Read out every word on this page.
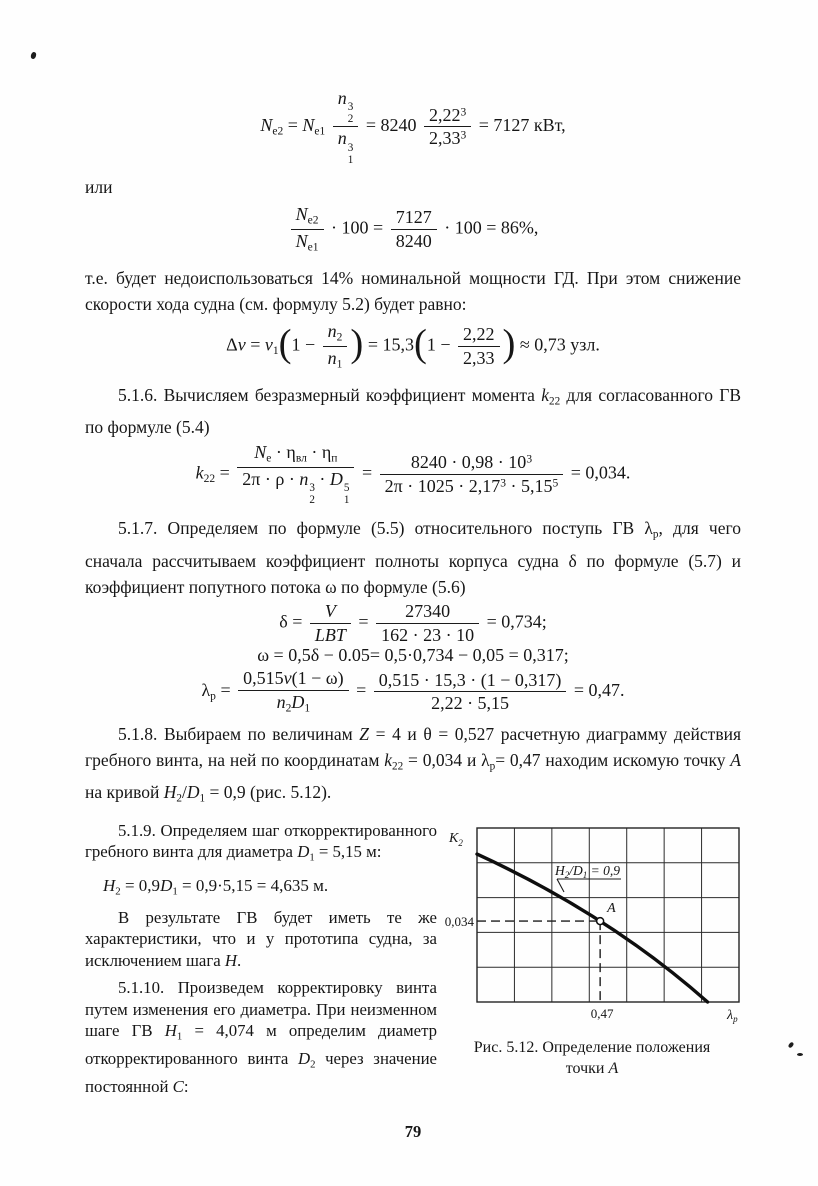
$N_{e2} = N_{e1}$ n 3
2
n 3
$1 = 8240 \frac{2,22^3}{2,33^3} = 7127$ кВт,

или

$\frac{N_{e2}}{N_{e1}} \cdot 100 = \frac{7127}{8240} \cdot 100 = 86\%$,

т.е. будет недоиспользоваться 14% номинальной мощности ГД. При этом снижение скорости хода судна (см. формулу 5.2) будет равно:

$\Delta v = v_1(1 - \frac{n_2}{n_1}$ ) = $15,3(1 - \frac{2,22}{2,33}$ ) ≈ 0,73 узл.

5.1.6. Вычисляем безразмерный коэффициент момента $k_{22}$ для согласованного ГВ по формуле (5.4)

$k_{22} = N_e \cdot \eta_{вл} \cdot \eta_п$
2π · ρ · n 3
2
· D 5
$1 = \frac{8240 \cdot 0,98 \cdot 10^3}{2\pi \cdot 1025 \cdot 2,17^3 \cdot 5,15^5} = 0,034$.

5.1.7. Определяем по формуле (5.5) относительного поступь ГВ $\lambda_р$, для чего сначала рассчитываем коэффициент полноты корпуса судна δ по формуле (5.7) и коэффициент попутного потока ω по формуле (5.6)

$\delta = \frac{V}{\text{LBT}} = \frac{27340}{162 \cdot 23 \cdot 10} = 0,734$;
ω = 0,5δ − 0.05= 0,5·0,734 − 0,05 = 0,317;
$\lambda_р = \frac{0,515v(1 - \omega)}{n_2D_1} = \frac{0,515 \cdot 15,3 \cdot (1 - 0,317)}{2,22 \cdot 5,15} = 0,47$.

5.1.8. Выбираем по величинам Z = 4 и θ = 0,527 расчетную диаграмму действия гребного винта, на ней по координатам $k_{22} = 0,034$ и $\lambda_р= 0,47$ находим искомую точку А на кривой $H_2/D_1 = 0,9$ (рис. 5.12).

5.1.9. Определяем шаг откорректированного гребного винта для диаметра $D_1 = 5,15$ м:

$H_2 = 0,9D_1 = 0,9\cdot 5,15 = 4,635$ м.

В результате ГВ будет иметь те же характеристики, что и у прототипа судна, за исключением шага Н.

5.1.10. Произведем корректировку винта путем изменения его диаметра. При неизменном шаге ГВ $H_1 = 4,074$ м определим диаметр откорректированного винта $D_2$ через значение постоянной С:

$K_2$
$\lambda_р$
$H_2/D_1 = 0,9$
0,034
0,47
А
Рис. 5.12. Определение положения
точки А
79
